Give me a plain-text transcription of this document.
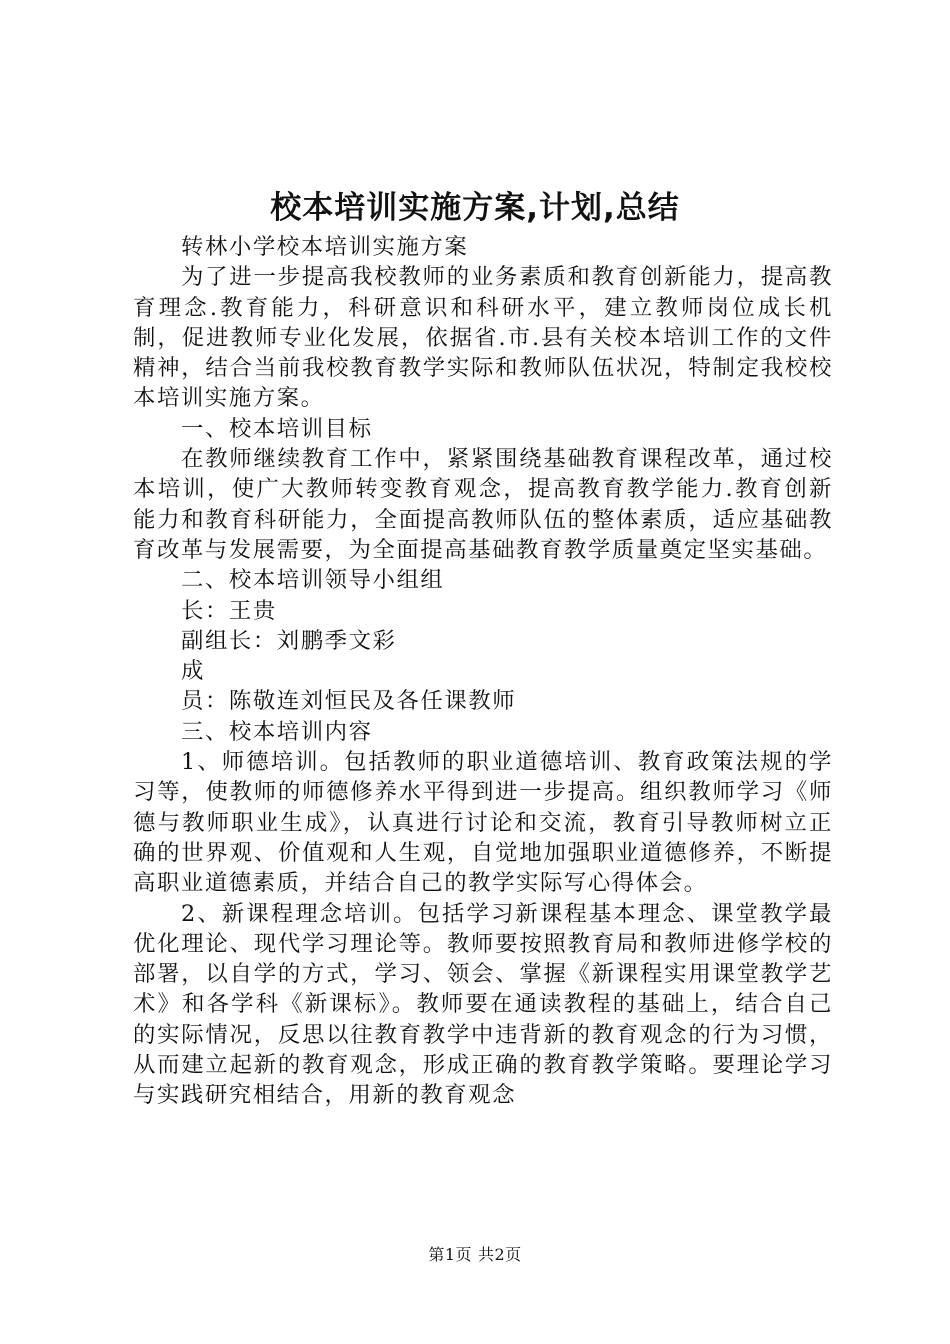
校本培训实施方案,计划,总结

转林小学校本培训实施方案

为了进一步提高我校教师的业务素质和教育创新能力，提高教育理念.教育能力，科研意识和科研水平，建立教师岗位成长机制，促进教师专业化发展，依据省.市.县有关校本培训工作的文件精神，结合当前我校教育教学实际和教师队伍状况，特制定我校校本培训实施方案。

一、校本培训目标

在教师继续教育工作中，紧紧围绕基础教育课程改革，通过校本培训，使广大教师转变教育观念，提高教育教学能力.教育创新能力和教育科研能力，全面提高教师队伍的整体素质，适应基础教育改革与发展需要，为全面提高基础教育教学质量奠定坚实基础。

二、校本培训领导小组组

长：王贵

副组长：刘鹏季文彩

成

员：陈敬连刘恒民及各任课教师

三、校本培训内容

1、师德培训。包括教师的职业道德培训、教育政策法规的学习等，使教师的师德修养水平得到进一步提高。组织教师学习《师德与教师职业生成》，认真进行讨论和交流，教育引导教师树立正确的世界观、价值观和人生观，自觉地加强职业道德修养，不断提高职业道德素质，并结合自己的教学实际写心得体会。

2、新课程理念培训。包括学习新课程基本理念、课堂教学最优化理论、现代学习理论等。教师要按照教育局和教师进修学校的部署，以自学的方式，学习、领会、掌握《新课程实用课堂教学艺术》和各学科《新课标》。教师要在通读教程的基础上，结合自己的实际情况，反思以往教育教学中违背新的教育观念的行为习惯，从而建立起新的教育观念，形成正确的教育教学策略。要理论学习与实践研究相结合，用新的教育观念

第1页 共2页
